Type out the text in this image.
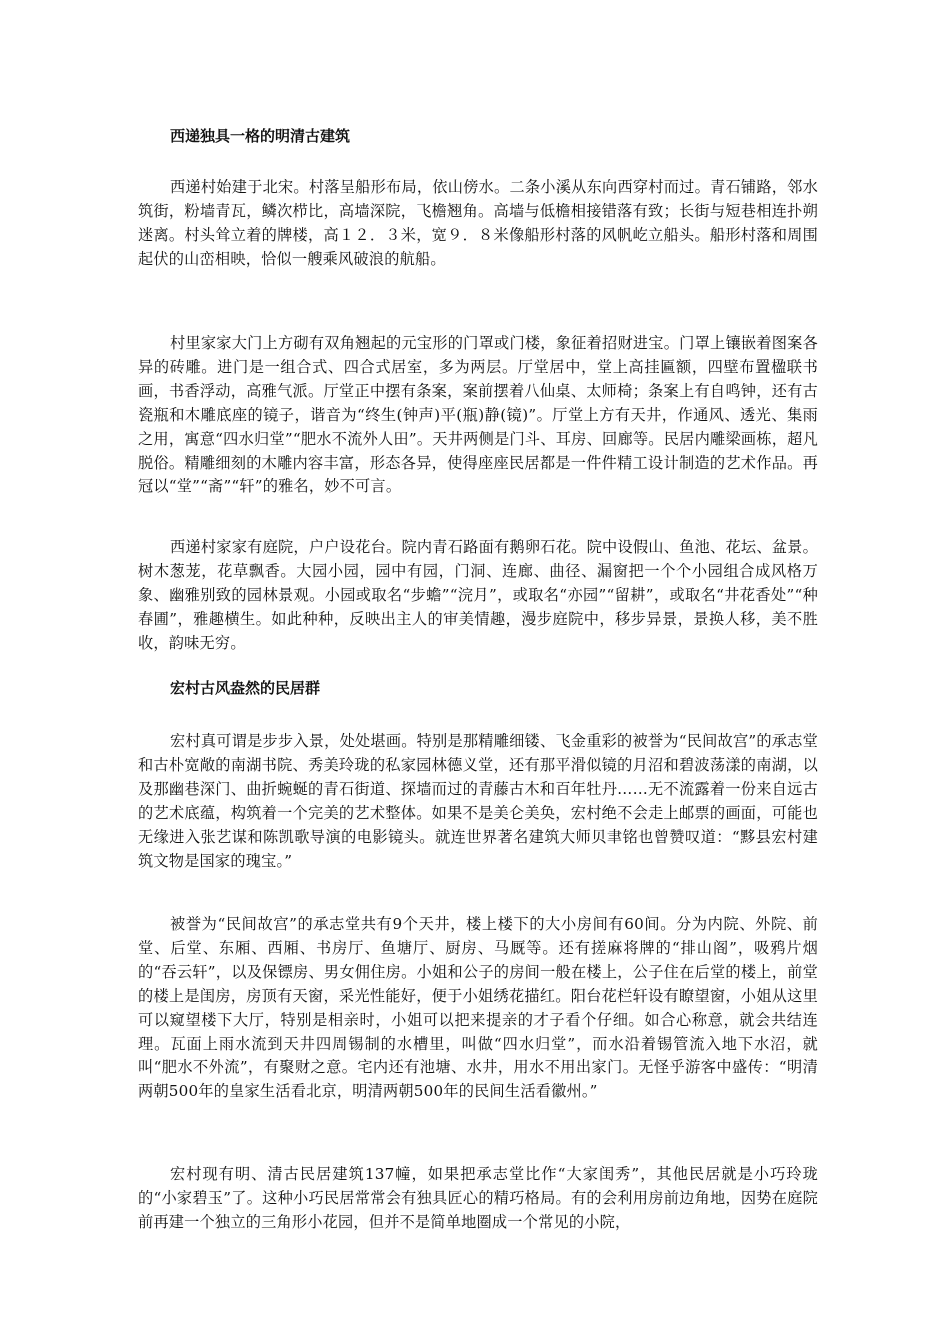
西递独具一格的明清古建筑

西递村始建于北宋。村落呈船形布局，依山傍水。二条小溪从东向西穿村而过。青石铺路，邻水筑街，粉墙青瓦，鳞次栉比，高墙深院，飞檐翘角。高墙与低檐相接错落有致；长街与短巷相连扑朔迷离。村头耸立着的牌楼，高１２．３米，宽９．８米像船形村落的风帆屹立船头。船形村落和周围起伏的山峦相映，恰似一艘乘风破浪的航船。

村里家家大门上方砌有双角翘起的元宝形的门罩或门楼，象征着招财进宝。门罩上镶嵌着图案各异的砖雕。进门是一组合式、四合式居室，多为两层。厅堂居中，堂上高挂匾额，四壁布置楹联书画，书香浮动，高雅气派。厅堂正中摆有条案，案前摆着八仙桌、太师椅；条案上有自鸣钟，还有古瓷瓶和木雕底座的镜子，谐音为“终生(钟声)平(瓶)静(镜)”。厅堂上方有天井，作通风、透光、集雨之用，寓意“四水归堂”“肥水不流外人田”。天井两侧是门斗、耳房、回廊等。民居内雕梁画栋，超凡脱俗。精雕细刻的木雕内容丰富，形态各异，使得座座民居都是一件件精工设计制造的艺术作品。再冠以“堂”“斋”“轩”的雅名，妙不可言。

西递村家家有庭院，户户设花台。院内青石路面有鹅卵石花。院中设假山、鱼池、花坛、盆景。树木葱茏，花草飘香。大园小园，园中有园，门洞、连廊、曲径、漏窗把一个个小园组合成风格万象、幽雅别致的园林景观。小园或取名“步蟾”“浣月”，或取名“亦园”“留耕”，或取名“井花香处”“种春圃”，雅趣横生。如此种种，反映出主人的审美情趣，漫步庭院中，移步异景，景换人移，美不胜收，韵味无穷。

宏村古风盎然的民居群

宏村真可谓是步步入景，处处堪画。特别是那精雕细镂、飞金重彩的被誉为“民间故宫”的承志堂和古朴宽敞的南湖书院、秀美玲珑的私家园林德义堂，还有那平滑似镜的月沼和碧波荡漾的南湖，以及那幽巷深门、曲折蜿蜒的青石街道、探墙而过的青藤古木和百年牡丹……无不流露着一份来自远古的艺术底蕴，构筑着一个完美的艺术整体。如果不是美仑美奂，宏村绝不会走上邮票的画面，可能也无缘进入张艺谋和陈凯歌导演的电影镜头。就连世界著名建筑大师贝聿铭也曾赞叹道：“黟县宏村建筑文物是国家的瑰宝。”

被誉为“民间故宫”的承志堂共有9个天井，楼上楼下的大小房间有60间。分为内院、外院、前堂、后堂、东厢、西厢、书房厅、鱼塘厅、厨房、马厩等。还有搓麻将牌的“排山阁”，吸鸦片烟的“吞云轩”，以及保镖房、男女佣住房。小姐和公子的房间一般在楼上，公子住在后堂的楼上，前堂的楼上是闺房，房顶有天窗，采光性能好，便于小姐绣花描红。阳台花栏轩设有瞭望窗，小姐从这里可以窥望楼下大厅，特别是相亲时，小姐可以把来提亲的才子看个仔细。如合心称意，就会共结连理。瓦面上雨水流到天井四周锡制的水槽里，叫做“四水归堂”，而水沿着锡管流入地下水沼，就叫“肥水不外流”，有聚财之意。宅内还有池塘、水井，用水不用出家门。无怪乎游客中盛传：“明清两朝500年的皇家生活看北京，明清两朝500年的民间生活看徽州。”

宏村现有明、清古民居建筑137幢，如果把承志堂比作“大家闺秀”，其他民居就是小巧玲珑的“小家碧玉”了。这种小巧民居常常会有独具匠心的精巧格局。有的会利用房前边角地，因势在庭院前再建一个独立的三角形小花园，但并不是简单地圈成一个常见的小院，
